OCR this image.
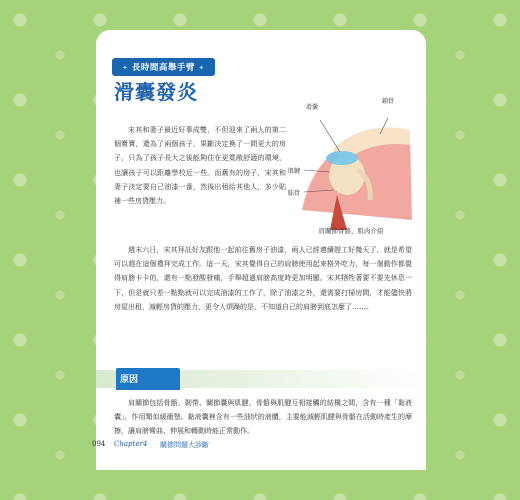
✦ 長時間高舉手臂 ✦
滑囊發炎
宋其和妻子最近好事成雙，不但迎來了兩人的第二個寶寶，還為了兩個孩子，果斷決定換了一間更大的房子，只為了孩子長大之後能夠住在更寬敞舒適的環境，也讓孩子可以距離學校近一些。而舊有的房子，宋其和妻子決定要自己油漆一番，然後出租給其他人，多少貼補一些房貸壓力。
滑囊
鎖骨
肌腱
肱骨
肩關節骨骼、肌肉介紹
週末六日，宋其拜託好友跟他一起前往舊房子油漆，兩人已經連續趕工好幾天了，就是希望可以趕在這個禮拜完成工作。這一天，宋其覺得自己的肩膀使用起來格外吃力，每一個動作都覺得肩膀卡卡的，還有一點發酸發痛，手舉超過肩膀高度時更加明顯。宋其牺牲著要不要先休息一下，但是就只差一點點就可以完成油漆的工作了，除了油漆之外，還需要打掃房間，才能儘快將房屋出租，減輕房貸的壓力，更令人煩躁的是，不知道自己的肩膀到底怎麼了……。
原因
肩關節包括骨骼、韌帶、關節囊與肌腱，骨骼與肌腱互相接觸的結構之間，含有一種「黏液囊」，作用類似緩衝墊。黏液囊裡含有一些油狀的液體，主要能減輕肌腱與骨骼在活動時產生的摩擦，讓肩膀彎曲、伸展和轉動時能正常動作。
094 Chapter4 關節問題大診斷
